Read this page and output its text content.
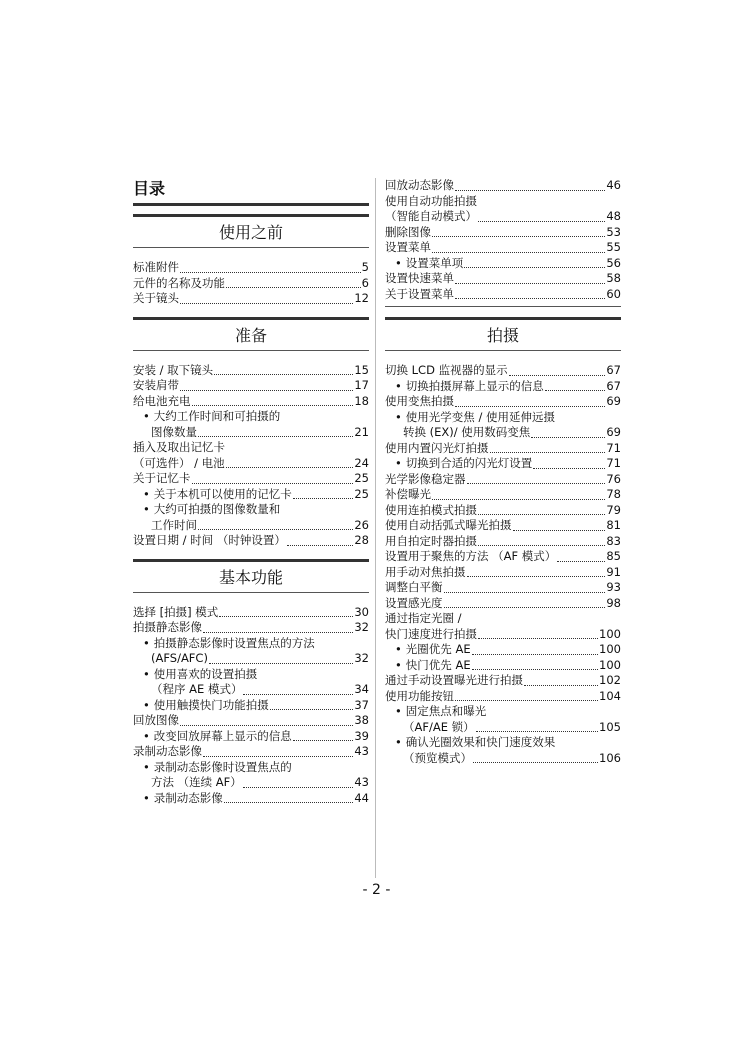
目录
使用之前
标准附件	5
元件的名称及功能	6
关于镜头	12
准备
安装 / 取下镜头	15
安装肩带	17
给电池充电	18
• 大约工作时间和可拍摄的
图像数量	21
插入及取出记忆卡
（可选件） / 电池	24
关于记忆卡	25
• 关于本机可以使用的记忆卡	25
• 大约可拍摄的图像数量和
工作时间	26
设置日期 / 时间 （时钟设置）	28
基本功能
选择 [拍摄] 模式	30
拍摄静态影像	32
• 拍摄静态影像时设置焦点的方法
(AFS/AFC)	32
• 使用喜欢的设置拍摄
（程序 AE 模式）	34
• 使用触摸快门功能拍摄	37
回放图像	38
• 改变回放屏幕上显示的信息	39
录制动态影像	43
• 录制动态影像时设置焦点的
方法 （连续 AF）	43
• 录制动态影像	44
回放动态影像	46
使用自动功能拍摄
（智能自动模式）	48
删除图像	53
设置菜单	55
• 设置菜单项	56
设置快速菜单	58
关于设置菜单	60
拍摄
切换 LCD 监视器的显示	67
• 切换拍摄屏幕上显示的信息	67
使用变焦拍摄	69
• 使用光学变焦 / 使用延伸远摄
转换 (EX)/ 使用数码变焦	69
使用内置闪光灯拍摄	71
• 切换到合适的闪光灯设置	71
光学影像稳定器	76
补偿曝光	78
使用连拍模式拍摄	79
使用自动括弧式曝光拍摄	81
用自拍定时器拍摄	83
设置用于聚焦的方法 （AF 模式）	85
用手动对焦拍摄	91
调整白平衡	93
设置感光度	98
通过指定光圈 /
快门速度进行拍摄	100
• 光圈优先 AE	100
• 快门优先 AE	100
通过手动设置曝光进行拍摄	102
使用功能按钮	104
• 固定焦点和曝光
（AF/AE 锁）	105
• 确认光圈效果和快门速度效果
（预览模式）	106
- 2 -
